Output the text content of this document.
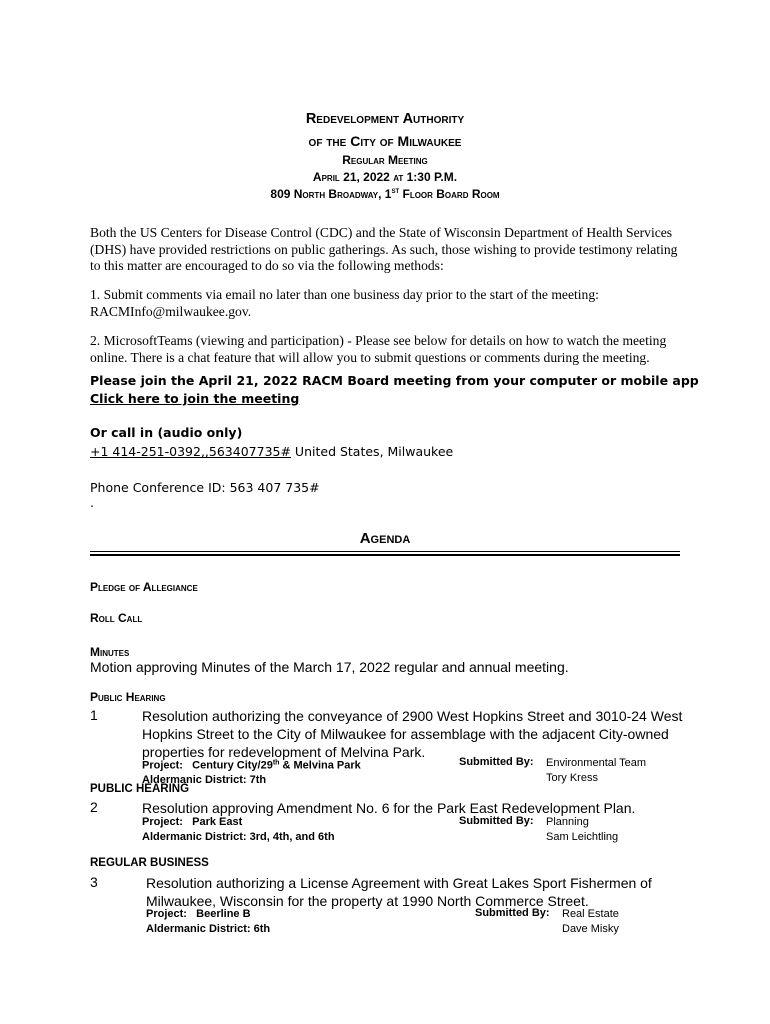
Redevelopment Authority
of the City of Milwaukee
Regular Meeting
April 21, 2022 at 1:30 P.M.
809 North Broadway, 1st Floor Board Room

Both the US Centers for Disease Control (CDC) and the State of Wisconsin Department of Health Services (DHS) have provided restrictions on public gatherings. As such, those wishing to provide testimony relating to this matter are encouraged to do so via the following methods:

1. Submit comments via email no later than one business day prior to the start of the meeting: RACMInfo@milwaukee.gov.

2. MicrosoftTeams (viewing and participation) - Please see below for details on how to watch the meeting online. There is a chat feature that will allow you to submit questions or comments during the meeting.

Please join the April 21, 2022 RACM Board meeting from your computer or mobile app
Click here to join the meeting
Or call in (audio only)
+1 414-251-0392,,563407735# United States, Milwaukee
Phone Conference ID: 563 407 735#
.
Agenda
Pledge of Allegiance
Roll Call
Minutes
Motion approving Minutes of the March 17, 2022 regular and annual meeting.
Public Hearing
1	Resolution authorizing the conveyance of 2900 West Hopkins Street and 3010-24 West Hopkins Street to the City of Milwaukee for assemblage with the adjacent City-owned properties for redevelopment of Melvina Park.
Project: Century City/29th & Melvina Park
Aldermanic District: 7th
Submitted By: Environmental Team
Tory Kress
PUBLIC HEARING
2	Resolution approving Amendment No. 6 for the Park East Redevelopment Plan.
Project: Park East
Aldermanic District: 3rd, 4th, and 6th
Submitted By: Planning
Sam Leichtling
REGULAR BUSINESS
3	Resolution authorizing a License Agreement with Great Lakes Sport Fishermen of Milwaukee, Wisconsin for the property at 1990 North Commerce Street.
Project: Beerline B
Aldermanic District: 6th
Submitted By: Real Estate
Dave Misky
